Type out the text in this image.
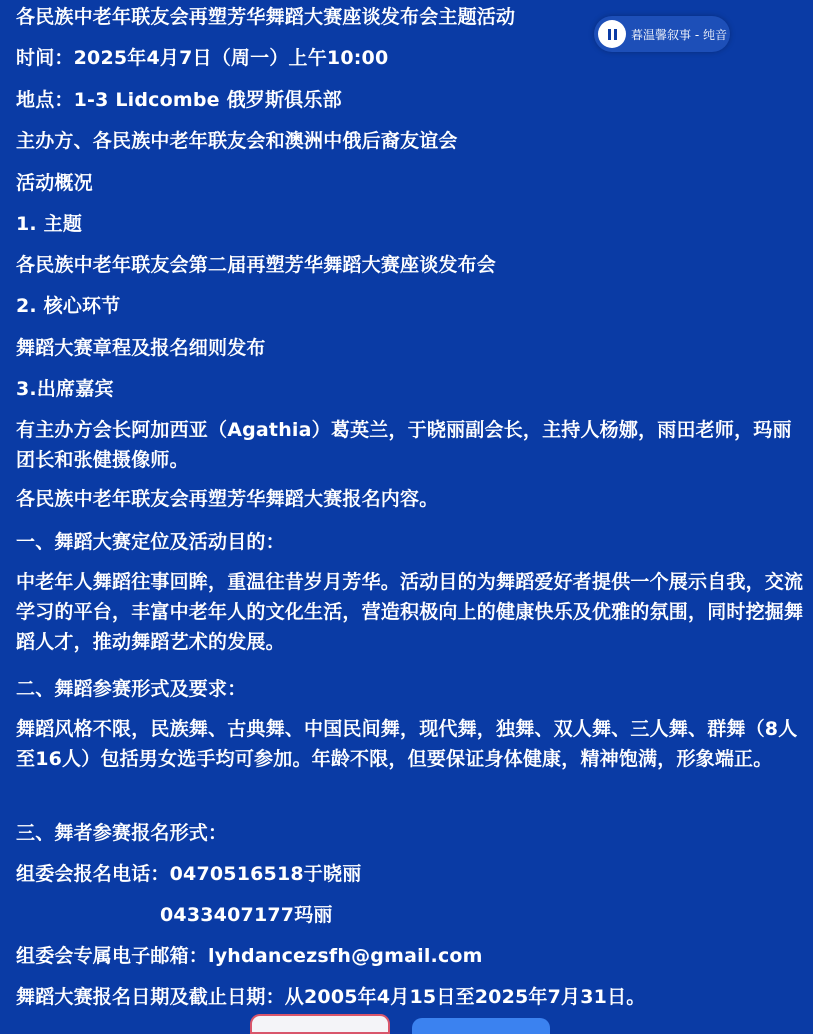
各民族中老年联友会再塑芳华舞蹈大赛座谈发布会主题活动
时间：2025年4月7日（周一）上午10:00
地点：1-3 Lidcombe 俄罗斯俱乐部
主办方、各民族中老年联友会和澳洲中俄后裔友谊会
活动概况
1. 主题
各民族中老年联友会第二届再塑芳华舞蹈大赛座谈发布会
2. 核心环节
舞蹈大赛章程及报名细则发布
3.出席嘉宾
有主办方会长阿加西亚（Agathia）葛英兰，于晓丽副会长，主持人杨娜，雨田老师，玛丽团长和张健摄像师。
各民族中老年联友会再塑芳华舞蹈大赛报名内容。
一、舞蹈大赛定位及活动目的：
中老年人舞蹈往事回眸，重温往昔岁月芳华。活动目的为舞蹈爱好者提供一个展示自我，交流学习的平台，丰富中老年人的文化生活，营造积极向上的健康快乐及优雅的氛围，同时挖掘舞蹈人才，推动舞蹈艺术的发展。
二、舞蹈参赛形式及要求：
舞蹈风格不限，民族舞、古典舞、中国民间舞，现代舞，独舞、双人舞、三人舞、群舞（8人至16人）包括男女选手均可参加。年龄不限，但要保证身体健康，精神饱满，形象端正。
三、舞者参赛报名形式：
组委会报名电话：0470516518于晓丽
0433407177玛丽
组委会专属电子邮箱：lyhdancezsfh@gmail.com
舞蹈大赛报名日期及截止日期：从2005年4月15日至2025年7月31日。
暮温馨叙事 - 纯音
